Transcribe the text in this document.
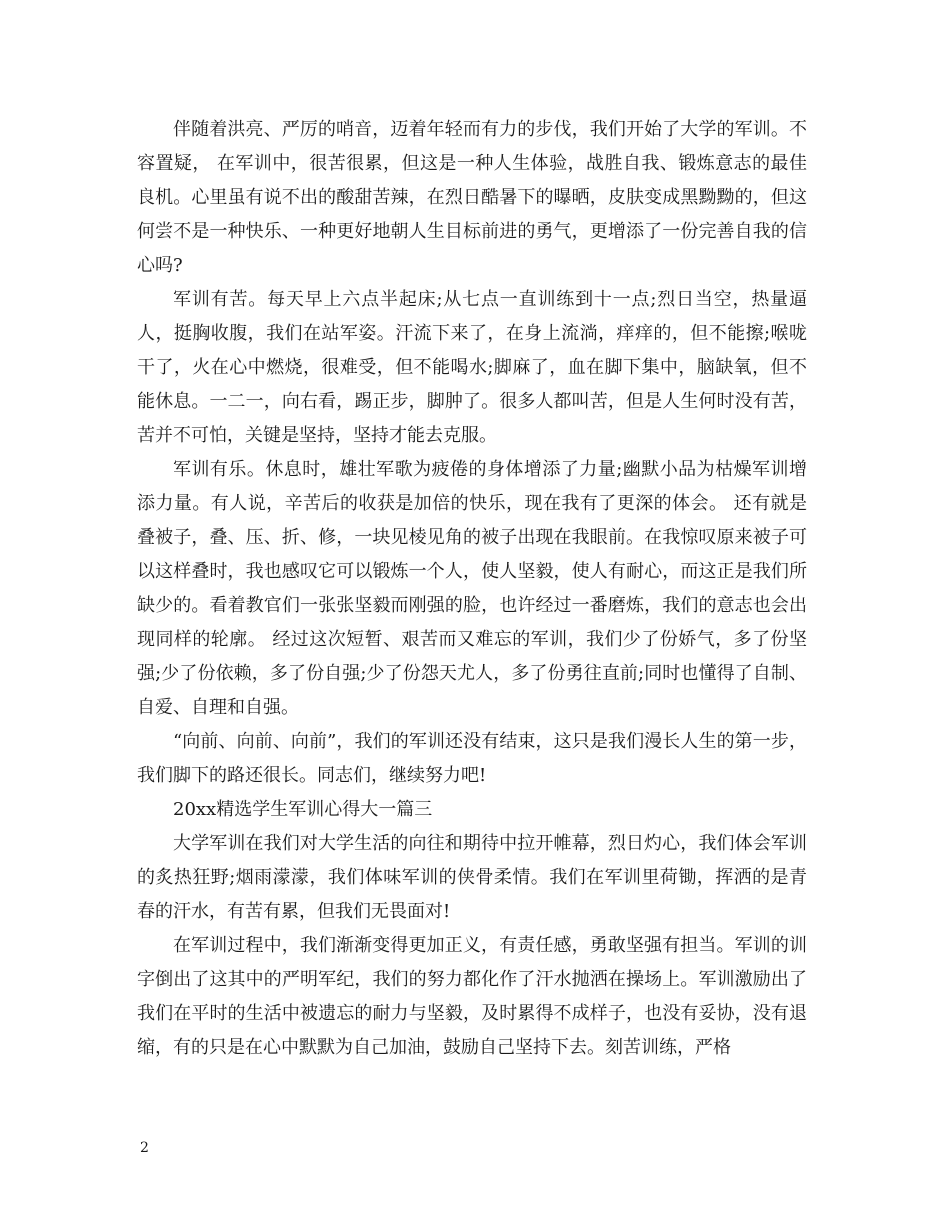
伴随着洪亮、严厉的哨音，迈着年轻而有力的步伐，我们开始了大学的军训。不容置疑， 在军训中，很苦很累，但这是一种人生体验，战胜自我、锻炼意志的最佳良机。心里虽有说不出的酸甜苦辣，在烈日酷暑下的曝晒，皮肤变成黑黝黝的，但这何尝不是一种快乐、一种更好地朝人生目标前进的勇气，更增添了一份完善自我的信心吗?

军训有苦。每天早上六点半起床;从七点一直训练到十一点;烈日当空，热量逼人，挺胸收腹，我们在站军姿。汗流下来了，在身上流淌，痒痒的，但不能擦;喉咙干了，火在心中燃烧，很难受，但不能喝水;脚麻了，血在脚下集中，脑缺氧，但不能休息。一二一，向右看，踢正步，脚肿了。很多人都叫苦，但是人生何时没有苦，苦并不可怕，关键是坚持，坚持才能去克服。

军训有乐。休息时，雄壮军歌为疲倦的身体增添了力量;幽默小品为枯燥军训增添力量。有人说，辛苦后的收获是加倍的快乐，现在我有了更深的体会。 还有就是叠被子，叠、压、折、修，一块见棱见角的被子出现在我眼前。在我惊叹原来被子可以这样叠时，我也感叹它可以锻炼一个人，使人坚毅，使人有耐心，而这正是我们所缺少的。看着教官们一张张坚毅而刚强的脸，也许经过一番磨炼，我们的意志也会出现同样的轮廓。 经过这次短暂、艰苦而又难忘的军训，我们少了份娇气，多了份坚强;少了份依赖，多了份自强;少了份怨天尤人，多了份勇往直前;同时也懂得了自制、自爱、自理和自强。

“向前、向前、向前”，我们的军训还没有结束，这只是我们漫长人生的第一步，我们脚下的路还很长。同志们，继续努力吧!

20xx精选学生军训心得大一篇三

大学军训在我们对大学生活的向往和期待中拉开帷幕，烈日灼心，我们体会军训的炙热狂野;烟雨濛濛，我们体味军训的侠骨柔情。我们在军训里荷锄，挥洒的是青春的汗水，有苦有累，但我们无畏面对!

在军训过程中，我们渐渐变得更加正义，有责任感，勇敢坚强有担当。军训的训字倒出了这其中的严明军纪，我们的努力都化作了汗水抛洒在操场上。军训激励出了我们在平时的生活中被遗忘的耐力与坚毅，及时累得不成样子，也没有妥协，没有退缩，有的只是在心中默默为自己加油，鼓励自己坚持下去。刻苦训练，严格

2
